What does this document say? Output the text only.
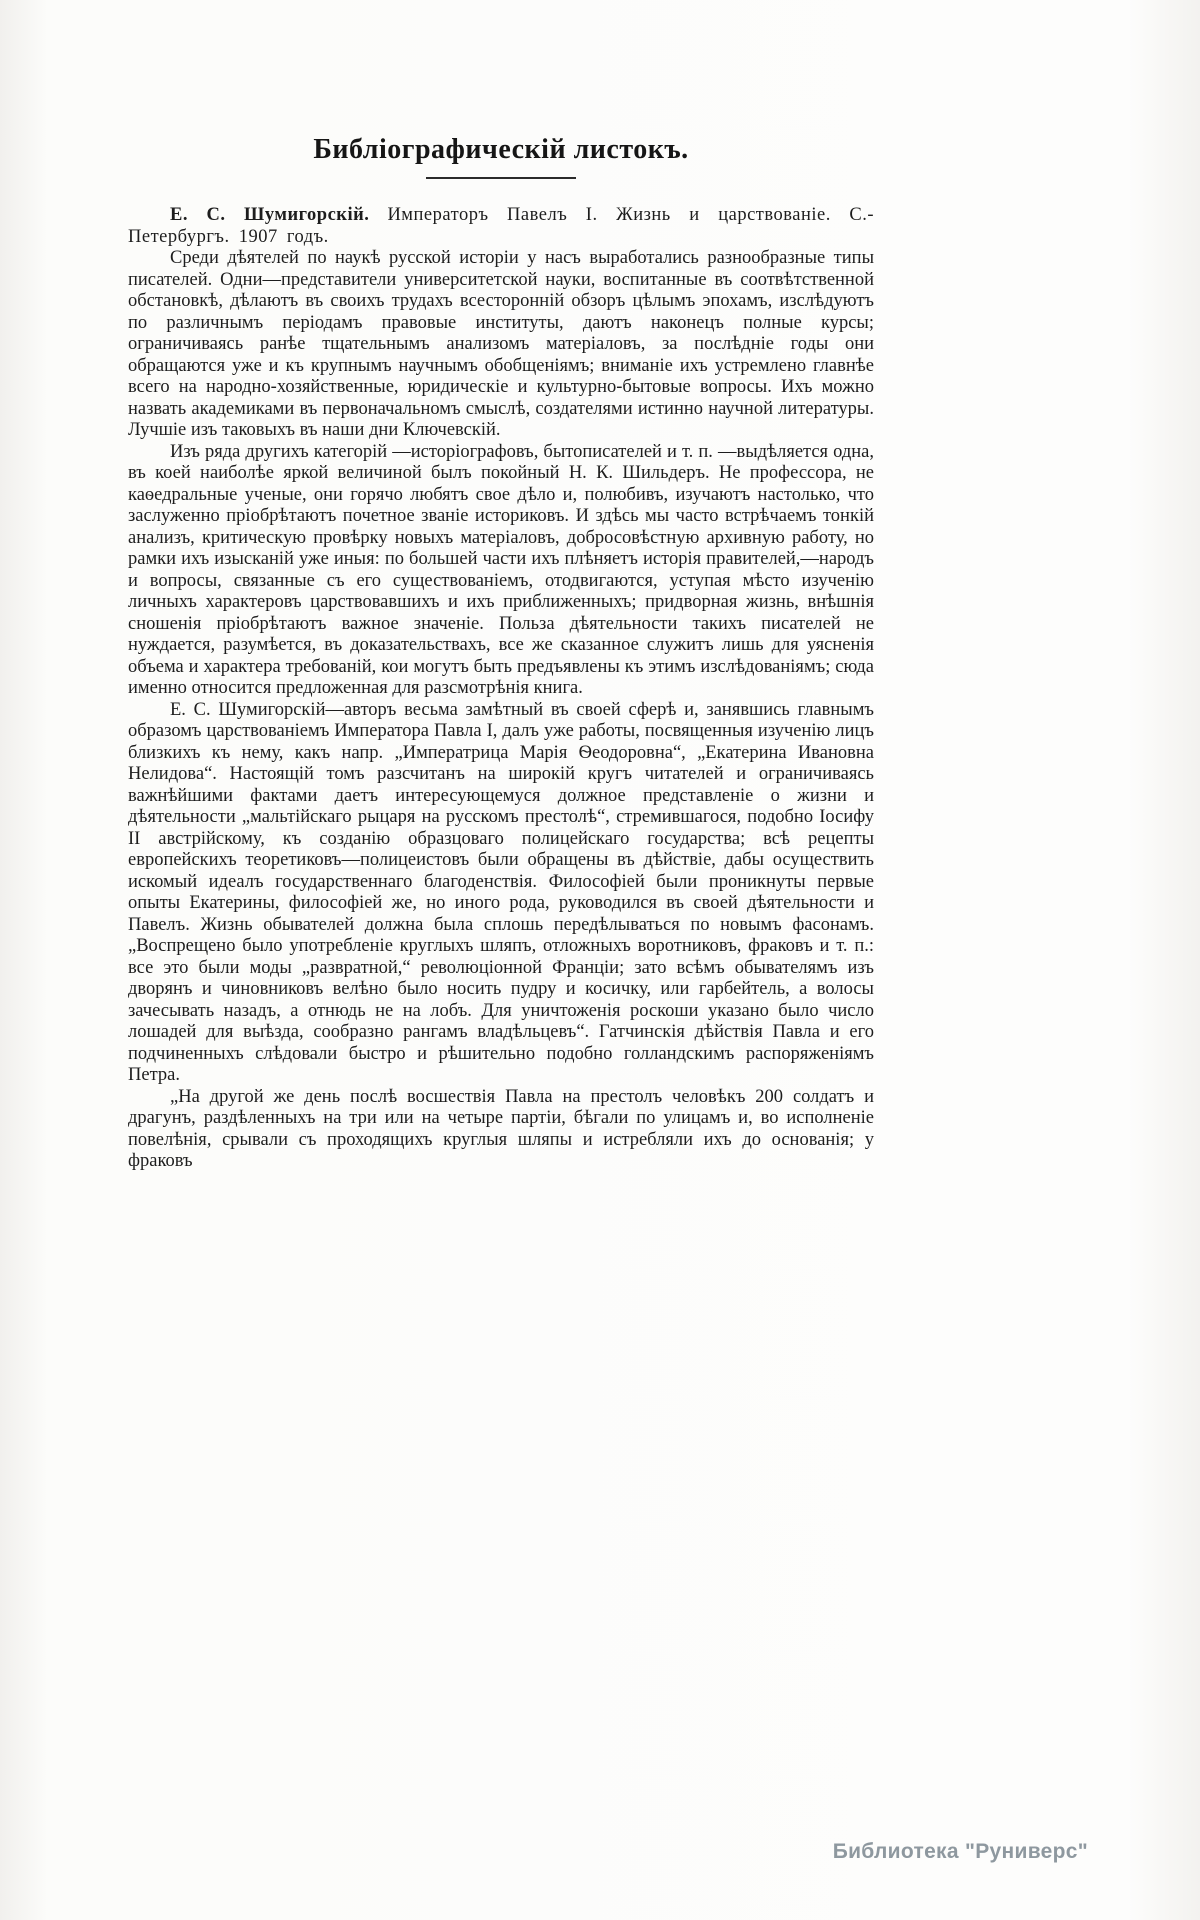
Библіографическій листокъ.

Е. С. Шумигорскій. Императоръ Павелъ I. Жизнь и царствованіе. С.-Петербургъ. 1907 годъ.

Среди дѣятелей по наукѣ русской исторіи у насъ выработались разнообразные типы писателей. Одни—представители университетской науки, воспитанные въ соотвѣтственной обстановкѣ, дѣлаютъ въ своихъ трудахъ всесторонній обзоръ цѣлымъ эпохамъ, изслѣдуютъ по различнымъ періодамъ правовые институты, даютъ наконецъ полные курсы; ограничиваясь ранѣе тщательнымъ анализомъ матеріаловъ, за послѣдніе годы они обращаются уже и къ крупнымъ научнымъ обобщеніямъ; вниманіе ихъ устремлено главнѣе всего на народно-хозяйственные, юридическіе и культурно-бытовые вопросы. Ихъ можно назвать академиками въ первоначальномъ смыслѣ, создателями истинно научной литературы. Лучшіе изъ таковыхъ въ наши дни Ключевскій.

Изъ ряда другихъ категорій —исторіографовъ, бытописателей и т. п. —выдѣляется одна, въ коей наиболѣе яркой величиной былъ покойный Н. К. Шильдеръ. Не профессора, не каѳедральные ученые, они горячо любятъ свое дѣло и, полюбивъ, изучаютъ настолько, что заслуженно пріобрѣтаютъ почетное званіе историковъ. И здѣсь мы часто встрѣчаемъ тонкій анализъ, критическую провѣрку новыхъ матеріаловъ, добросовѣстную архивную работу, но рамки ихъ изысканій уже иныя: по большей части ихъ плѣняетъ исторія правителей,—народъ и вопросы, связанные съ его существованіемъ, отодвигаются, уступая мѣсто изученію личныхъ характеровъ царствовавшихъ и ихъ приближенныхъ; придворная жизнь, внѣшнія сношенія пріобрѣтаютъ важное значеніе. Польза дѣятельности такихъ писателей не нуждается, разумѣется, въ доказательствахъ, все же сказанное служитъ лишь для уясненія объема и характера требованій, кои могутъ быть предъявлены къ этимъ изслѣдованіямъ; сюда именно относится предложенная для разсмотрѣнія книга.

Е. С. Шумигорскій—авторъ весьма замѣтный въ своей сферѣ и, занявшись главнымъ образомъ царствованіемъ Императора Павла I, далъ уже работы, посвященныя изученію лицъ близкихъ къ нему, какъ напр. „Императрица Марія Ѳеодоровна“, „Екатерина Ивановна Нелидова“. Настоящій томъ разсчитанъ на широкій кругъ читателей и ограничиваясь важнѣйшими фактами даетъ интересующемуся должное представленіе о жизни и дѣятельности „мальтійскаго рыцаря на русскомъ престолѣ“, стремившагося, подобно Іосифу II австрійскому, къ созданію образцоваго полицейскаго государства; всѣ рецепты европейскихъ теоретиковъ—полицеистовъ были обращены въ дѣйствіе, дабы осуществить искомый идеалъ государственнаго благоденствія. Философіей были проникнуты первые опыты Екатерины, философіей же, но иного рода, руководился въ своей дѣятельности и Павелъ. Жизнь обывателей должна была сплошь передѣлываться по новымъ фасонамъ. „Воспрещено было употребленіе круглыхъ шляпъ, отложныхъ воротниковъ, фраковъ и т. п.: все это были моды „развратной,“ революціонной Франціи; зато всѣмъ обывателямъ изъ дворянъ и чиновниковъ велѣно было носить пудру и косичку, или гарбейтель, а волосы зачесывать назадъ, а отнюдь не на лобъ. Для уничтоженія роскоши указано было число лошадей для выѣзда, сообразно рангамъ владѣльцевъ“. Гатчинскія дѣйствія Павла и его подчиненныхъ слѣдовали быстро и рѣшительно подобно голландскимъ распоряженіямъ Петра.

„На другой же день послѣ восшествія Павла на престолъ человѣкъ 200 солдатъ и драгунъ, раздѣленныхъ на три или на четыре партіи, бѣгали по улицамъ и, во исполненіе повелѣнія, срывали съ проходящихъ круглыя шляпы и истребляли ихъ до основанія; у фраковъ

Библиотека "Руниверс"
